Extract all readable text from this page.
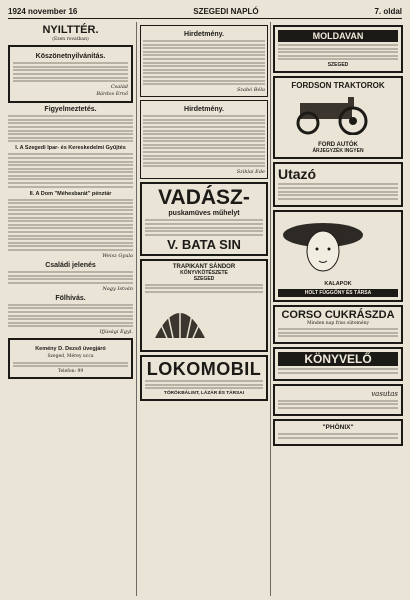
1924 november 16	SZEGEDI NAPLÓ	7. oldal
NYILTTÉR.
(Ezen rovatban)
Köszönetnyilvánítás.
Család
Bárdos Ernő
Figyelmeztetés.
I. A Szegedi Ipar- és Kereskedelmi Gyűjtés
II. A Dom "Méhesbarát" pénztár
Weisz Gyula
Családi jelenés
Nagy István
Fölhívás.
Ifjúsági Egyl.
Kemény D. Dezső üvegjáró
Szeged, Mérey ucca
Telefon: 99
Hirdetmény.
Szabó Béla
Hirdetmény.
Sziklai Ede
VADÁSZ-
puskamüves műhelyt
V. BATA SIN
TRAPIKANT SÁNDOR
KÖNYVKÖTÉSZETE
SZEGED
LOKOMOBIL
TÖRÖKBÁLINT, LÁZÁR ÉS TÁRSAI
MOLDAVAN
SZEGED
FORDSON TRAKTOROK
FORD AUTÓK
ÁRJEGYZÉK INGYEN
Utazó
KALAPOK
HOLT FÜGGÖNY ÉS TÁRSA
CORSO CUKRÁSZDA
Minden nap friss sütemény
KÖNYVELŐ
vasutas
"PHÖNIX"
